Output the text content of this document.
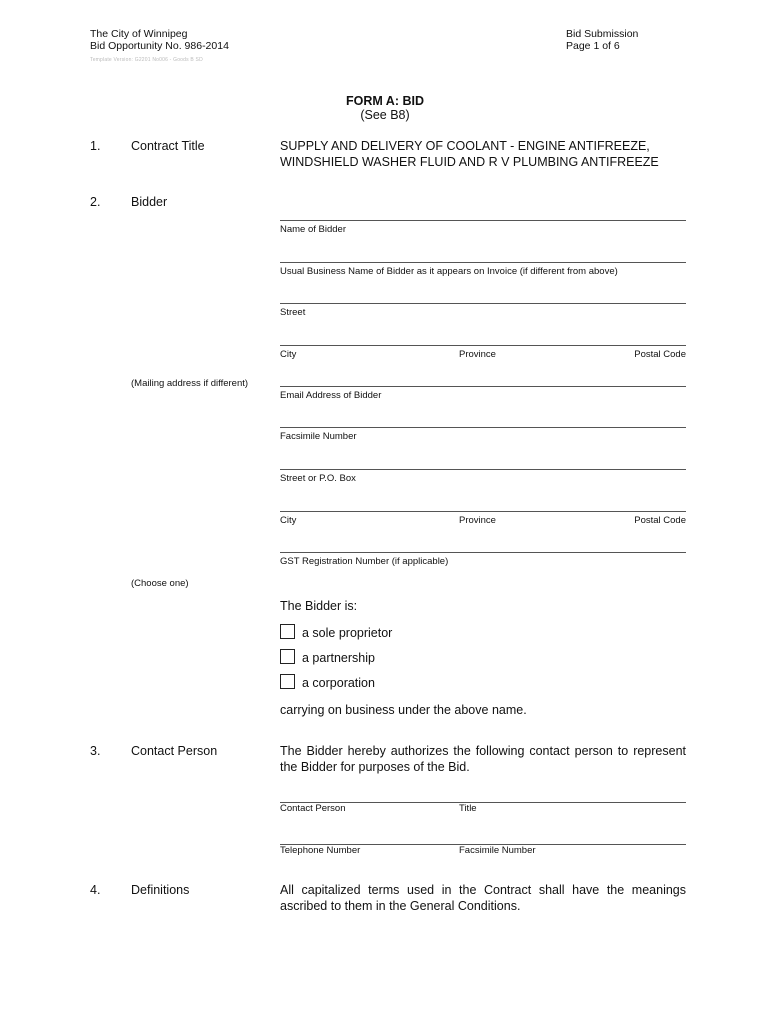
The City of Winnipeg
Bid Opportunity No. 986-2014
Template Version: G2201 No006 - Goods B SD
Bid Submission
Page 1 of 6
FORM A: BID
(See B8)
1. Contract Title	SUPPLY AND DELIVERY OF COOLANT - ENGINE ANTIFREEZE,
WINDSHIELD WASHER FLUID AND R V PLUMBING ANTIFREEZE
2. Bidder
Name of Bidder
Usual Business Name of Bidder as it appears on Invoice (if different from above)
Street
City	Province	Postal Code
(Mailing address if different)
Email Address of Bidder
Facsimile Number
Street or P.O. Box
City	Province	Postal Code
GST Registration Number (if applicable)
(Choose one)
The Bidder is:
a sole proprietor
a partnership
a corporation
carrying on business under the above name.
3. Contact Person	The Bidder hereby authorizes the following contact person to represent the Bidder for purposes of the Bid.
Contact Person	Title
Telephone Number	Facsimile Number
4. Definitions	All capitalized terms used in the Contract shall have the meanings ascribed to them in the General Conditions.
